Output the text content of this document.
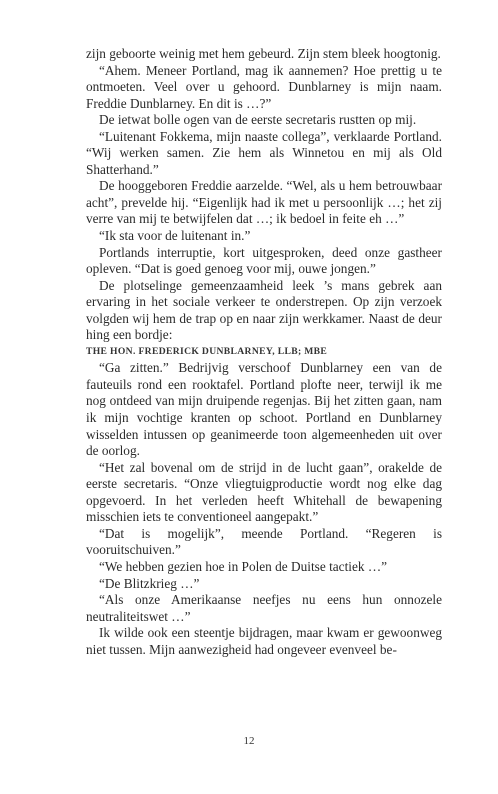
zijn geboorte weinig met hem gebeurd. Zijn stem bleek hoogtonig.

“Ahem. Meneer Portland, mag ik aannemen? Hoe prettig u te ontmoeten. Veel over u gehoord. Dunblarney is mijn naam. Freddie Dunblarney. En dit is …?”

De ietwat bolle ogen van de eerste secretaris rustten op mij.

“Luitenant Fokkema, mijn naaste collega”, verklaarde Portland. “Wij werken samen. Zie hem als Winnetou en mij als Old Shatterhand.”

De hooggeboren Freddie aarzelde. “Wel, als u hem betrouwbaar acht”, prevelde hij. “Eigenlijk had ik met u persoonlijk …; het zij verre van mij te betwijfelen dat …; ik bedoel in feite eh …”

“Ik sta voor de luitenant in.”

Portlands interruptie, kort uitgesproken, deed onze gastheer opleven. “Dat is goed genoeg voor mij, ouwe jongen.”

De plotselinge gemeenzaamheid leek ’s mans gebrek aan ervaring in het sociale verkeer te onderstrepen. Op zijn verzoek volgden wij hem de trap op en naar zijn werkkamer. Naast de deur hing een bordje:

THE HON. FREDERICK DUNBLARNEY, LLB; MBE

“Ga zitten.” Bedrijvig verschoof Dunblarney een van de fauteuils rond een rooktafel. Portland plofte neer, terwijl ik me nog ontdeed van mijn druipende regenjas. Bij het zitten gaan, nam ik mijn vochtige kranten op schoot. Portland en Dunblarney wisselden intussen op geanimeerde toon algemeenheden uit over de oorlog.

“Het zal bovenal om de strijd in de lucht gaan”, orakelde de eerste secretaris. “Onze vliegtuigproductie wordt nog elke dag opgevoerd. In het verleden heeft Whitehall de bewapening misschien iets te conventioneel aangepakt.”

“Dat is mogelijk”, meende Portland. “Regeren is vooruitschuiven.”

“We hebben gezien hoe in Polen de Duitse tactiek …”

“De Blitzkrieg …”

“Als onze Amerikaanse neefjes nu eens hun onnozele neutraliteitswet …”

Ik wilde ook een steentje bijdragen, maar kwam er gewoonweg niet tussen. Mijn aanwezigheid had ongeveer evenveel be-

12
